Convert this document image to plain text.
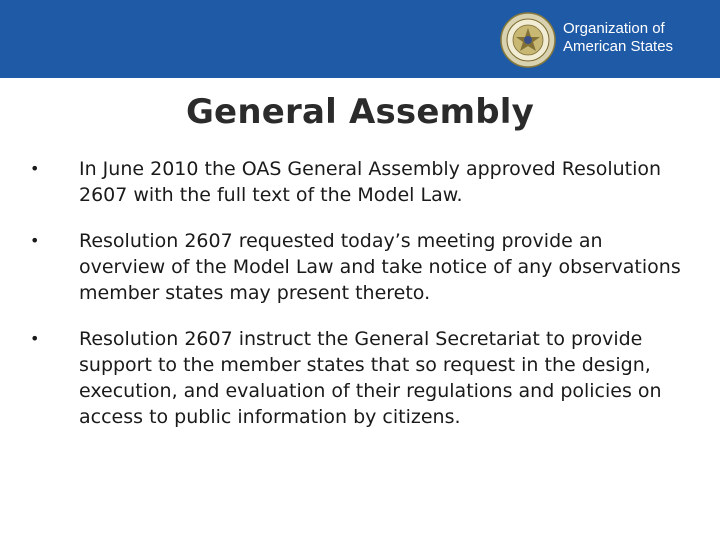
Organization of
American States
General Assembly
•	In June 2010 the OAS General Assembly approved Resolution 2607 with the full text of the Model Law.
•	Resolution 2607 requested today’s meeting provide an overview of the Model Law and take notice of any observations member states may present thereto.
•	Resolution 2607 instruct the General Secretariat to provide support to the member states that so request in the design, execution, and evaluation of their regulations and policies on access to public information by citizens.
